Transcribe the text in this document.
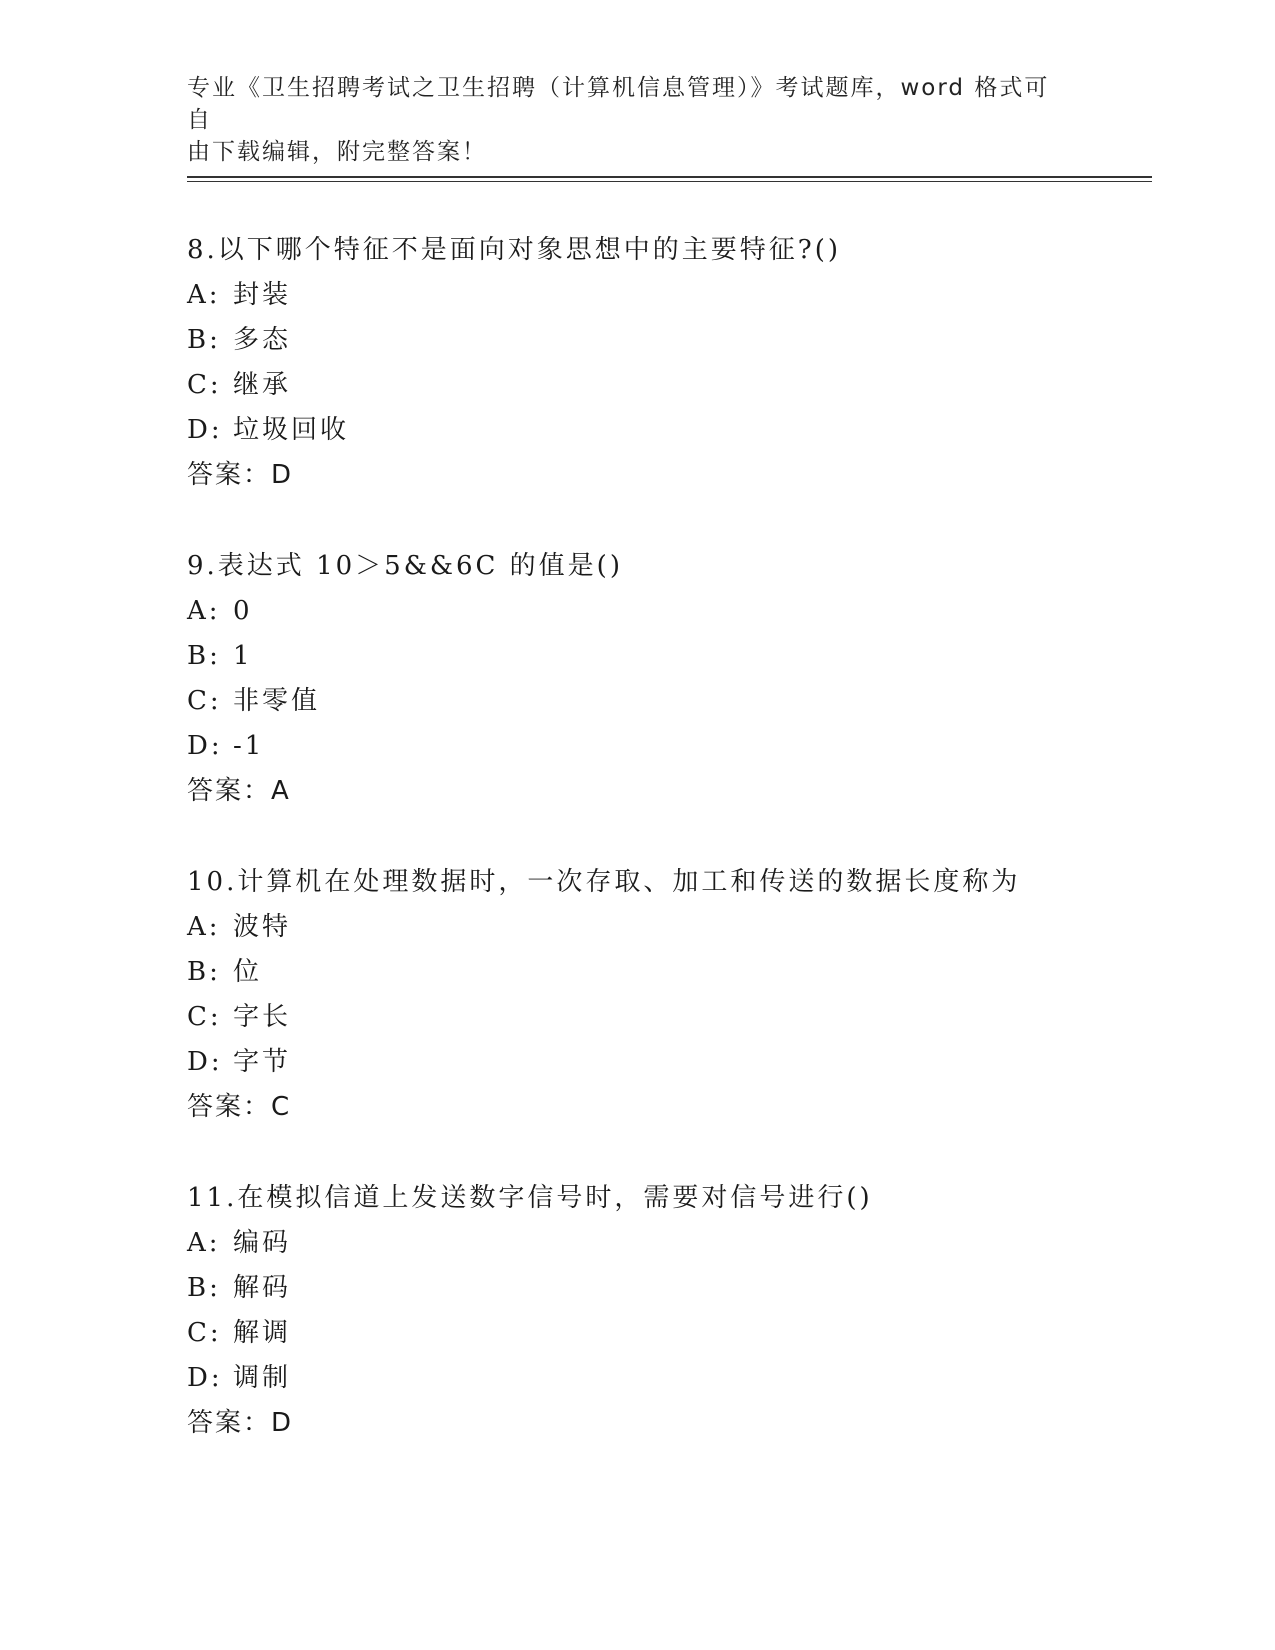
专业《卫生招聘考试之卫生招聘（计算机信息管理）》考试题库，word 格式可自
由下载编辑，附完整答案！
8.以下哪个特征不是面向对象思想中的主要特征?()
A: 封装
B: 多态
C: 继承
D: 垃圾回收
答案：D
9.表达式 10＞5&&6C 的值是()
A: 0
B: 1
C: 非零值
D: -1
答案：A
10.计算机在处理数据时，一次存取、加工和传送的数据长度称为
A: 波特
B: 位
C: 字长
D: 字节
答案：C
11.在模拟信道上发送数字信号时，需要对信号进行()
A: 编码
B: 解码
C: 解调
D: 调制
答案：D
